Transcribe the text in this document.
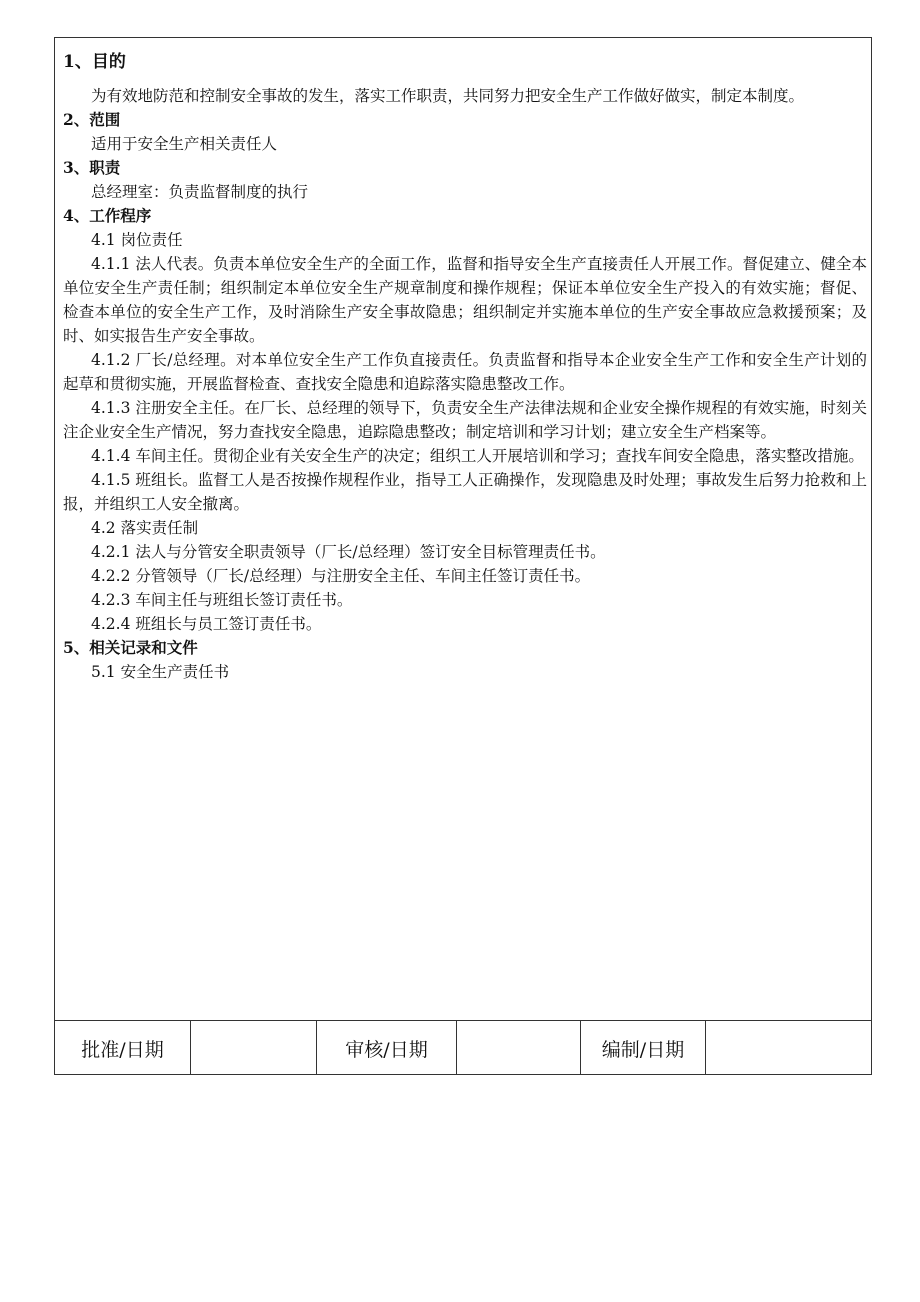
1、目的

为有效地防范和控制安全事故的发生，落实工作职责，共同努力把安全生产工作做好做实，制定本制度。

2、范围

适用于安全生产相关责任人

3、职责

总经理室：负责监督制度的执行

4、工作程序

4.1 岗位责任

4.1.1 法人代表。负责本单位安全生产的全面工作，监督和指导安全生产直接责任人开展工作。督促建立、健全本单位安全生产责任制；组织制定本单位安全生产规章制度和操作规程；保证本单位安全生产投入的有效实施；督促、检查本单位的安全生产工作，及时消除生产安全事故隐患；组织制定并实施本单位的生产安全事故应急救援预案；及时、如实报告生产安全事故。

4.1.2 厂长/总经理。对本单位安全生产工作负直接责任。负责监督和指导本企业安全生产工作和安全生产计划的起草和贯彻实施，开展监督检查、查找安全隐患和追踪落实隐患整改工作。

4.1.3 注册安全主任。在厂长、总经理的领导下，负责安全生产法律法规和企业安全操作规程的有效实施，时刻关注企业安全生产情况，努力查找安全隐患，追踪隐患整改；制定培训和学习计划；建立安全生产档案等。

4.1.4 车间主任。贯彻企业有关安全生产的决定；组织工人开展培训和学习；查找车间安全隐患，落实整改措施。

4.1.5 班组长。监督工人是否按操作规程作业，指导工人正确操作，发现隐患及时处理；事故发生后努力抢救和上报，并组织工人安全撤离。

4.2 落实责任制

4.2.1 法人与分管安全职责领导（厂长/总经理）签订安全目标管理责任书。

4.2.2 分管领导（厂长/总经理）与注册安全主任、车间主任签订责任书。

4.2.3 车间主任与班组长签订责任书。

4.2.4 班组长与员工签订责任书。

5、相关记录和文件

5.1 安全生产责任书

批准/日期	审核/日期	编制/日期
